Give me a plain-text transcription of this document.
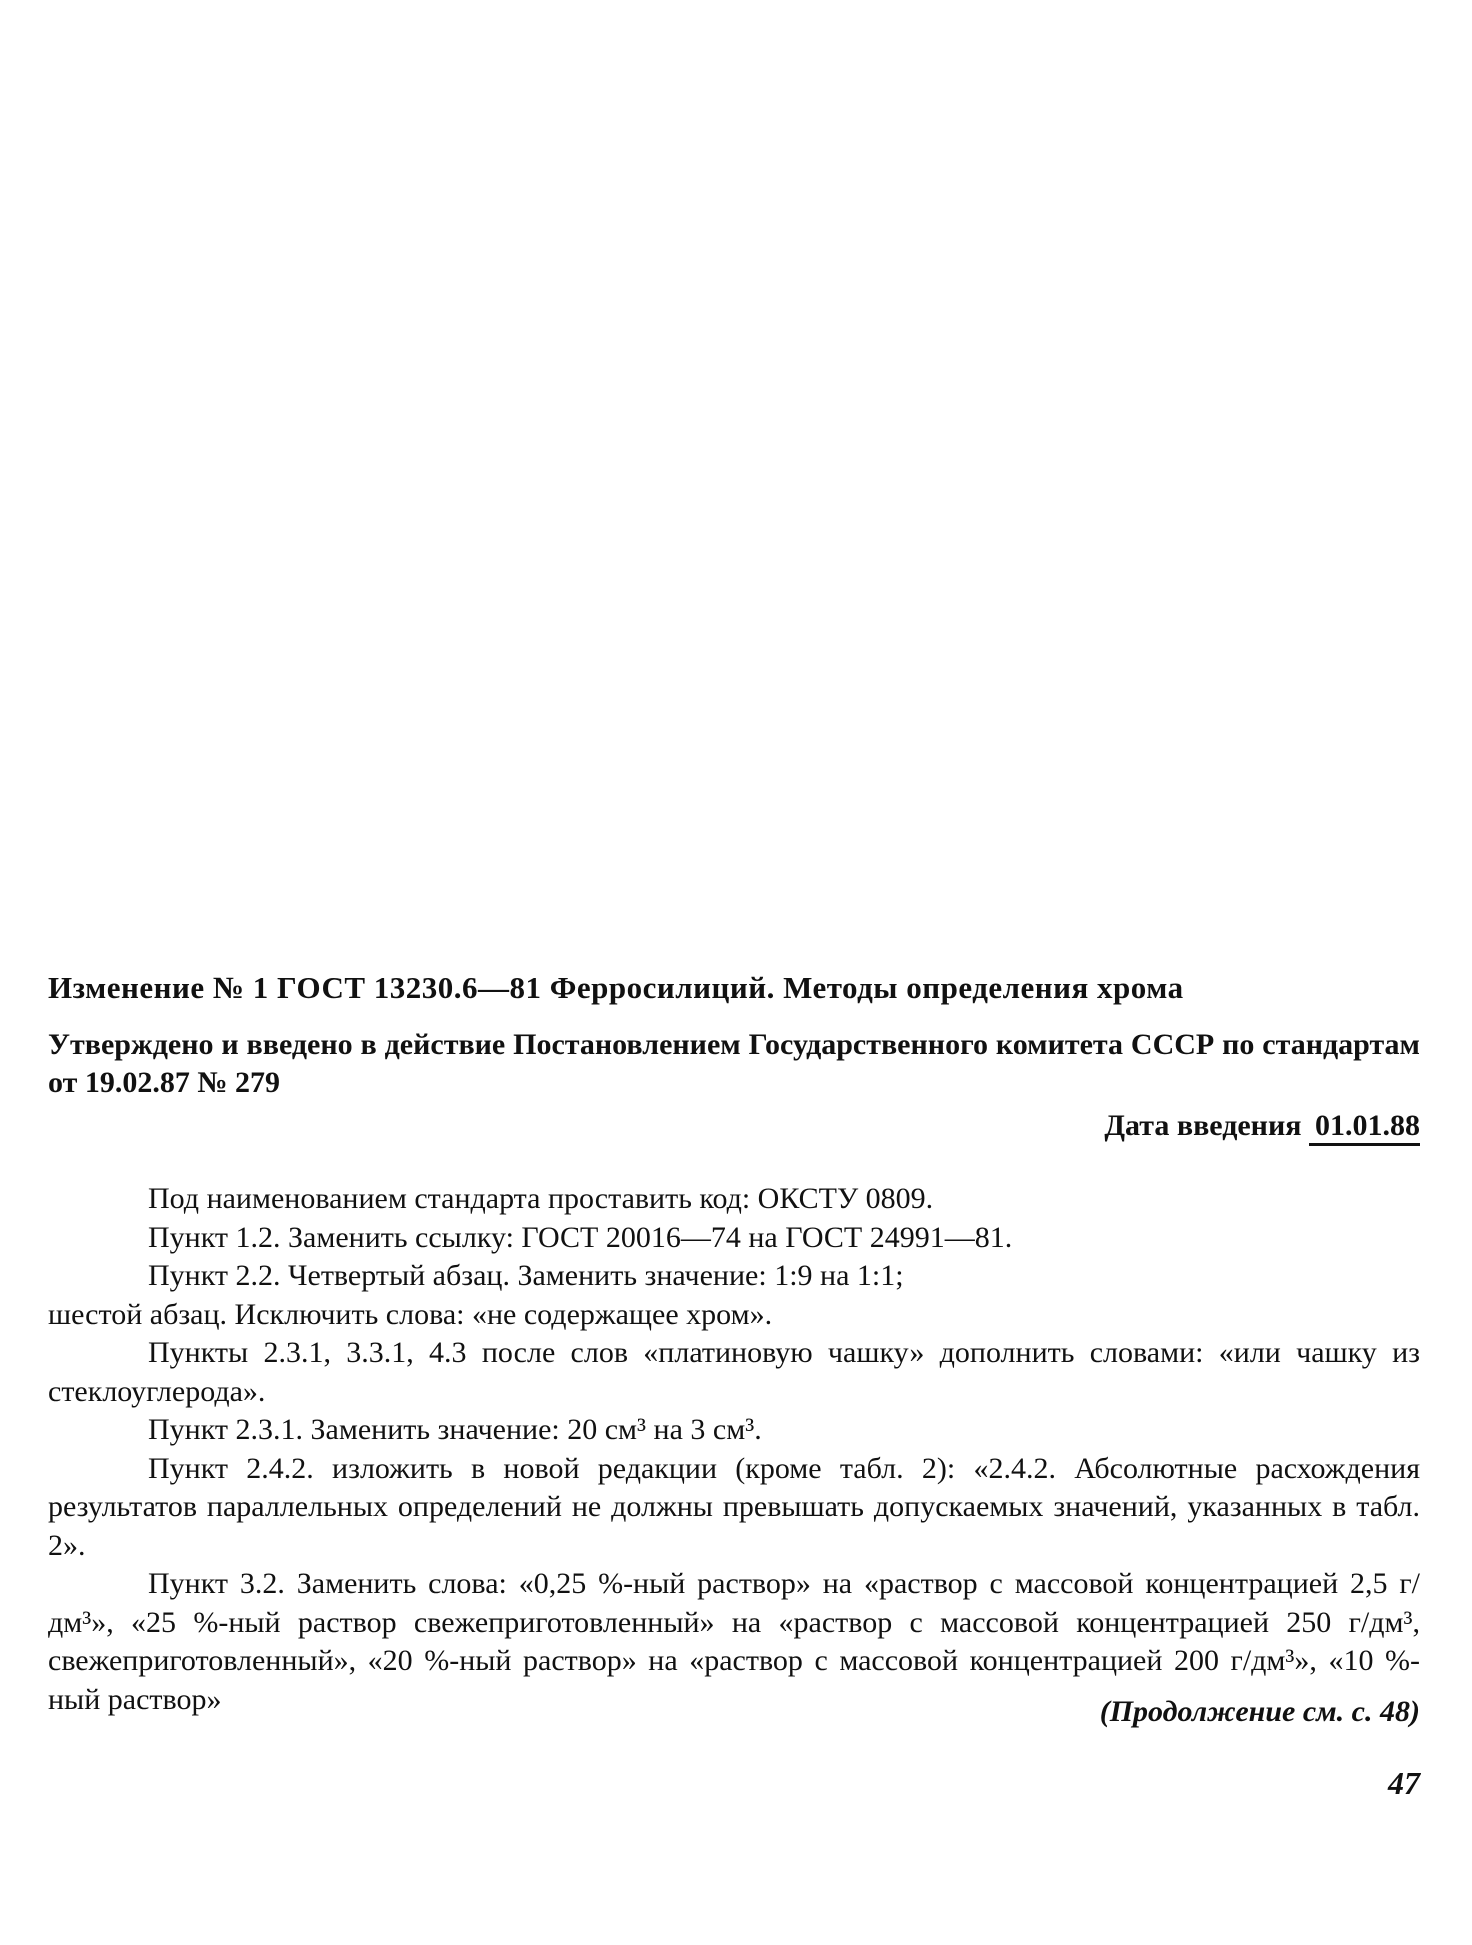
Изменение № 1 ГОСТ 13230.6—81 Ферросилиций. Методы определения хрома
Утверждено и введено в действие Постановлением Государственного комитета СССР по стандартам от 19.02.87 № 279
Дата введения 01.01.88

Под наименованием стандарта проставить код: ОКСТУ 0809.

Пункт 1.2. Заменить ссылку: ГОСТ 20016—74 на ГОСТ 24991—81.

Пункт 2.2. Четвертый абзац. Заменить значение: 1:9 на 1:1;

шестой абзац. Исключить слова: «не содержащее хром».

Пункты 2.3.1, 3.3.1, 4.3 после слов «платиновую чашку» дополнить словами: «или чашку из стеклоуглерода».

Пункт 2.3.1. Заменить значение: 20 см³ на 3 см³.

Пункт 2.4.2. изложить в новой редакции (кроме табл. 2): «2.4.2. Абсолютные расхождения результатов параллельных определений не должны превышать допускаемых значений, указанных в табл. 2».

Пункт 3.2. Заменить слова: «0,25 %-ный раствор» на «раствор с массовой концентрацией 2,5 г/дм³», «25 %-ный раствор свежеприготовленный» на «раствор с массовой концентрацией 250 г/дм³, свежеприготовленный», «20 %-ный раствор» на «раствор с массовой концентрацией 200 г/дм³», «10 %-ный раствор»	(Продолжение см. с. 48)
47
